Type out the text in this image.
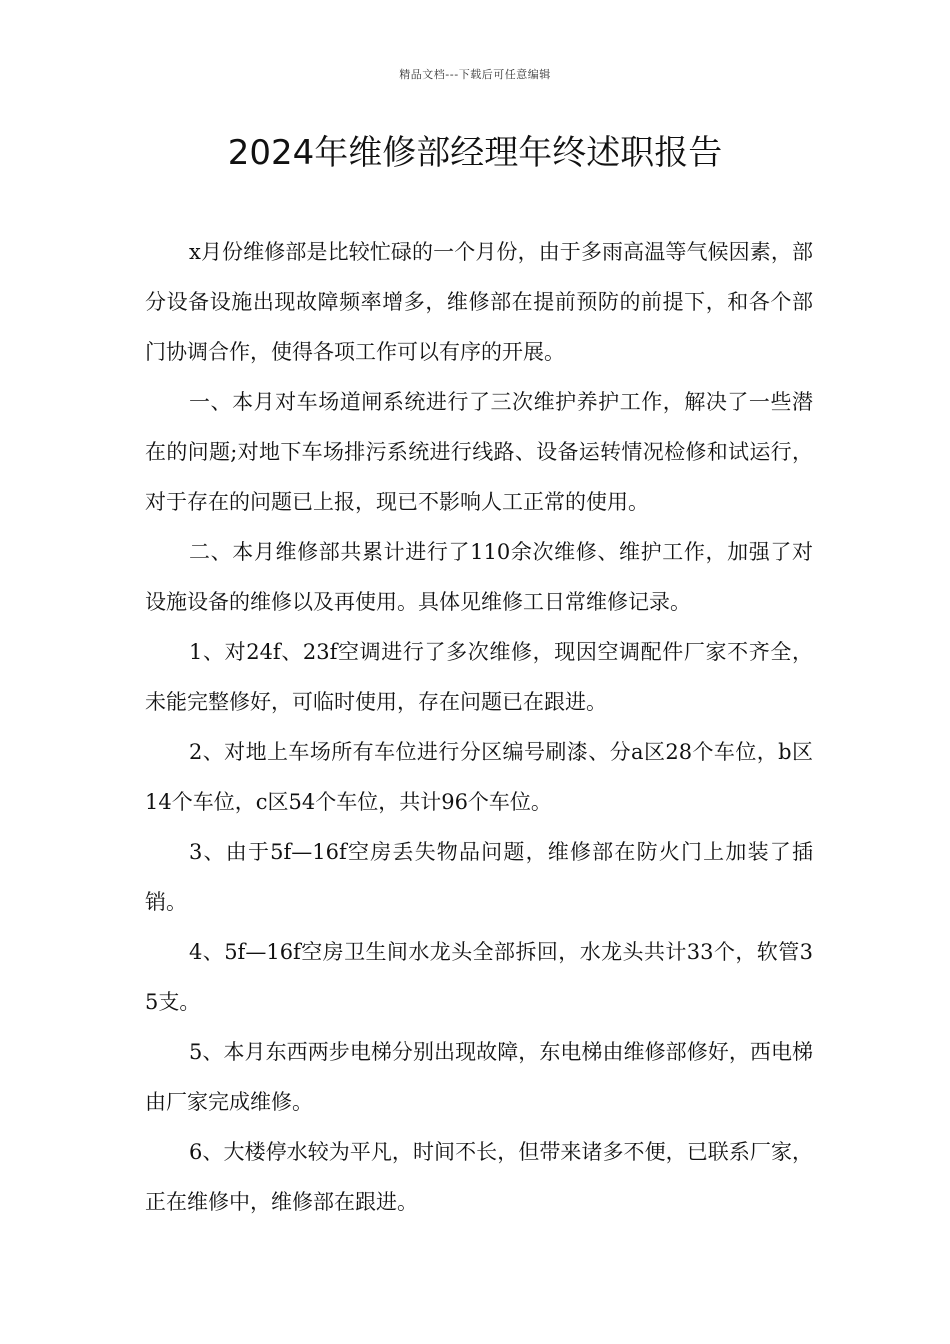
精品文档---下载后可任意编辑
2024年维修部经理年终述职报告

x月份维修部是比较忙碌的一个月份，由于多雨高温等气候因素，部分设备设施出现故障频率增多，维修部在提前预防的前提下，和各个部门协调合作，使得各项工作可以有序的开展。

一、本月对车场道闸系统进行了三次维护养护工作，解决了一些潜在的问题;对地下车场排污系统进行线路、设备运转情况检修和试运行，对于存在的问题已上报，现已不影响人工正常的使用。

二、本月维修部共累计进行了110余次维修、维护工作，加强了对设施设备的维修以及再使用。具体见维修工日常维修记录。

1、对24f、23f空调进行了多次维修，现因空调配件厂家不齐全，未能完整修好，可临时使用，存在问题已在跟进。

2、对地上车场所有车位进行分区编号刷漆、分a区28个车位，b区14个车位，c区54个车位，共计96个车位。

3、由于5f—16f空房丢失物品问题，维修部在防火门上加装了插销。

4、5f—16f空房卫生间水龙头全部拆回，水龙头共计33个，软管35支。

5、本月东西两步电梯分别出现故障，东电梯由维修部修好，西电梯由厂家完成维修。

6、大楼停水较为平凡，时间不长，但带来诸多不便，已联系厂家，正在维修中，维修部在跟进。
